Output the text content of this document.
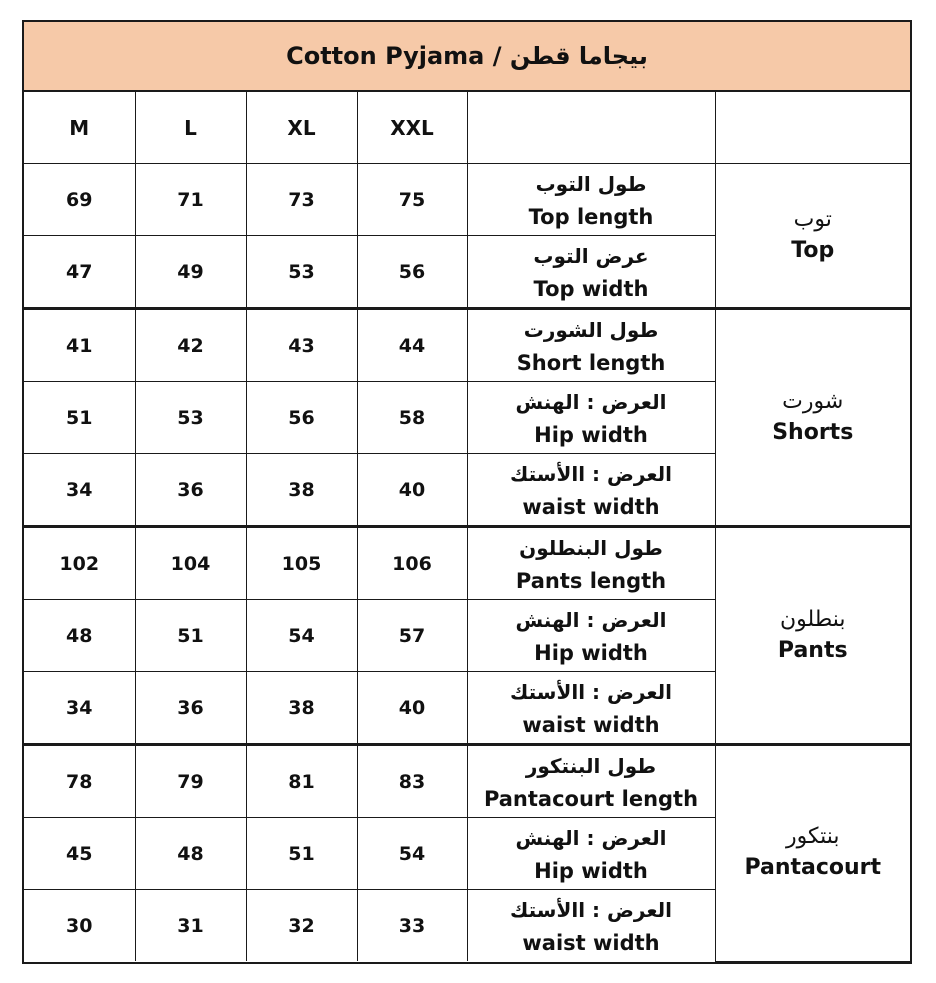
Cotton Pyjama / بيجاما قطن
M	L	XL	XXL		
69	71	73	75	طول التوب
Top length	توب
Top

47	49	53	56	عرض التوب
Top width	

41	42	43	44	طول الشورت
Short length	شورت
Shorts

51	53	56	58	العرض : الهنش
Hip width	

34	36	38	40	العرض : االأستك
waist width	

102	104	105	106	طول البنطلون
Pants length	بنطلون
Pants

48	51	54	57	العرض : الهنش
Hip width	

34	36	38	40	العرض : االأستك
waist width	

78	79	81	83	طول البنتكور
Pantacourt length	بنتكور
Pantacourt

45	48	51	54	العرض : الهنش
Hip width	

30	31	32	33	العرض : االأستك
waist width	
